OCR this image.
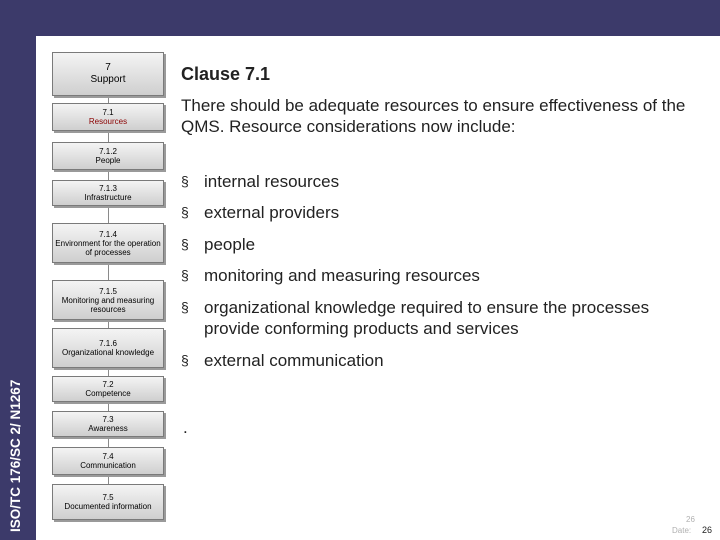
ISO/TC 176/SC 2/ N1267
7
Support
7.1
Resources
7.1.2
People
7.1.3
Infrastructure
7.1.4
Environment for the operation of processes
7.1.5
Monitoring and measuring resources
7.1.6
Organizational knowledge
7.2
Competence
7.3
Awareness
7.4
Communication
7.5
Documented information
Clause 7.1
There should be adequate resources to ensure effectiveness of the QMS. Resource considerations now include:
§ internal resources
§ external providers
§ people
§ monitoring and measuring resources
§ organizational knowledge required to ensure the processes provide conforming products and services
§ external communication
.
26
Date: 26
